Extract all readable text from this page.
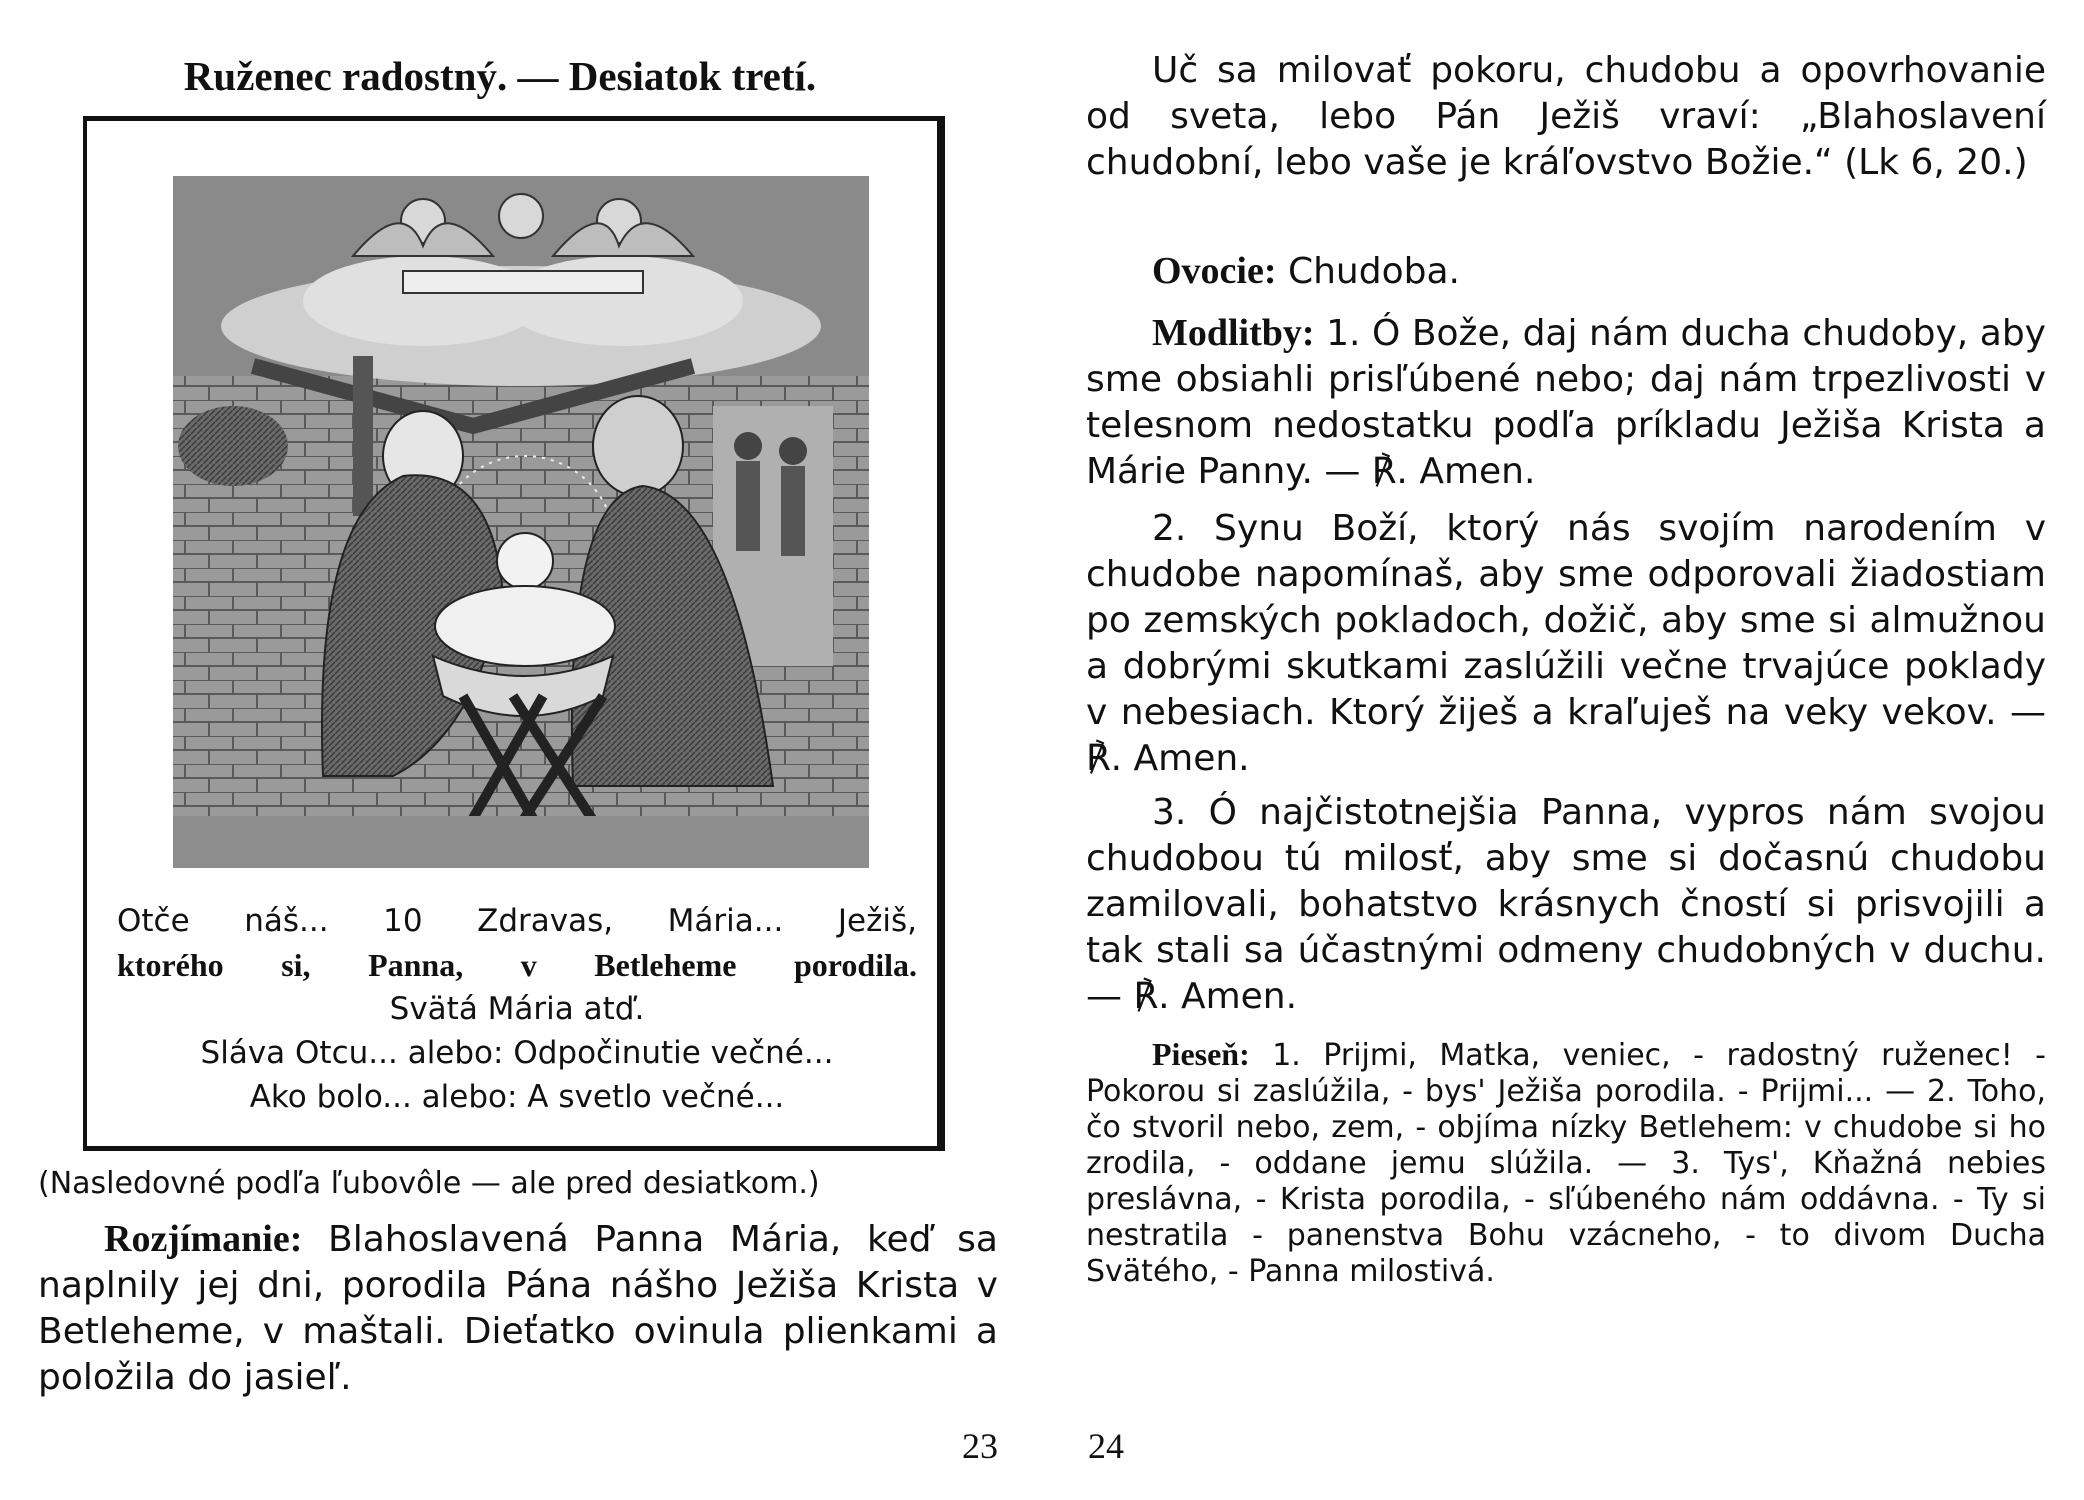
Ruženec radostný. — Desiatok tretí.
Otče náš... 10 Zdravas, Mária... Ježiš,
ktorého si, Panna, v Betleheme porodila.
Svätá Mária atď.
Sláva Otcu... alebo: Odpočinutie večné...
Ako bolo... alebo: A svetlo večné...
(Nasledovné podľa ľubovôle — ale pred desiatkom.)
Rozjímanie: Blahoslavená Panna Mária, keď sa naplnily jej dni, porodila Pána nášho Ježiša Krista v Betleheme, v maštali. Dieťatko ovinula plienkami a položila do jasieľ.
23
Uč sa milovať pokoru, chudobu a opovrhovanie od sveta, lebo Pán Ježiš vraví: „Blahoslavení chudobní, lebo vaše je kráľovstvo Božie.“ (Lk 6, 20.)
Ovocie: Chudoba.
Modlitby: 1. Ó Bože, daj nám ducha chudoby, aby sme obsiahli prisľúbené nebo; daj nám trpezlivosti v telesnom nedostatku podľa príkladu Ježiša Krista a Márie Panny. — ℟. Amen.
2. Synu Boží, ktorý nás svojím narodením v chudobe napomínaš, aby sme odporovali žiadostiam po zemských pokladoch, dožič, aby sme si almužnou a dobrými skutkami zaslúžili večne trvajúce poklady v nebesiach. Ktorý žiješ a kraľuješ na veky vekov. — ℟. Amen.
3. Ó najčistotnejšia Panna, vypros nám svojou chudobou tú milosť, aby sme si dočasnú chudobu zamilovali, bohatstvo krásnych čností si prisvojili a tak stali sa účastnými odmeny chudobných v duchu. — ℟. Amen.
Pieseň: 1. Prijmi, Matka, veniec, - radostný ruženec! - Pokorou si zaslúžila, - bys' Ježiša porodila. - Prijmi... — 2. Toho, čo stvoril nebo, zem, - objíma nízky Betlehem: v chudobe si ho zrodila, - oddane jemu slúžila. — 3. Tys', Kňažná nebies preslávna, - Krista porodila, - sľúbeného nám oddávna. - Ty si nestratila - panenstva Bohu vzácneho, - to divom Ducha Svätého, - Panna milostivá.
24
